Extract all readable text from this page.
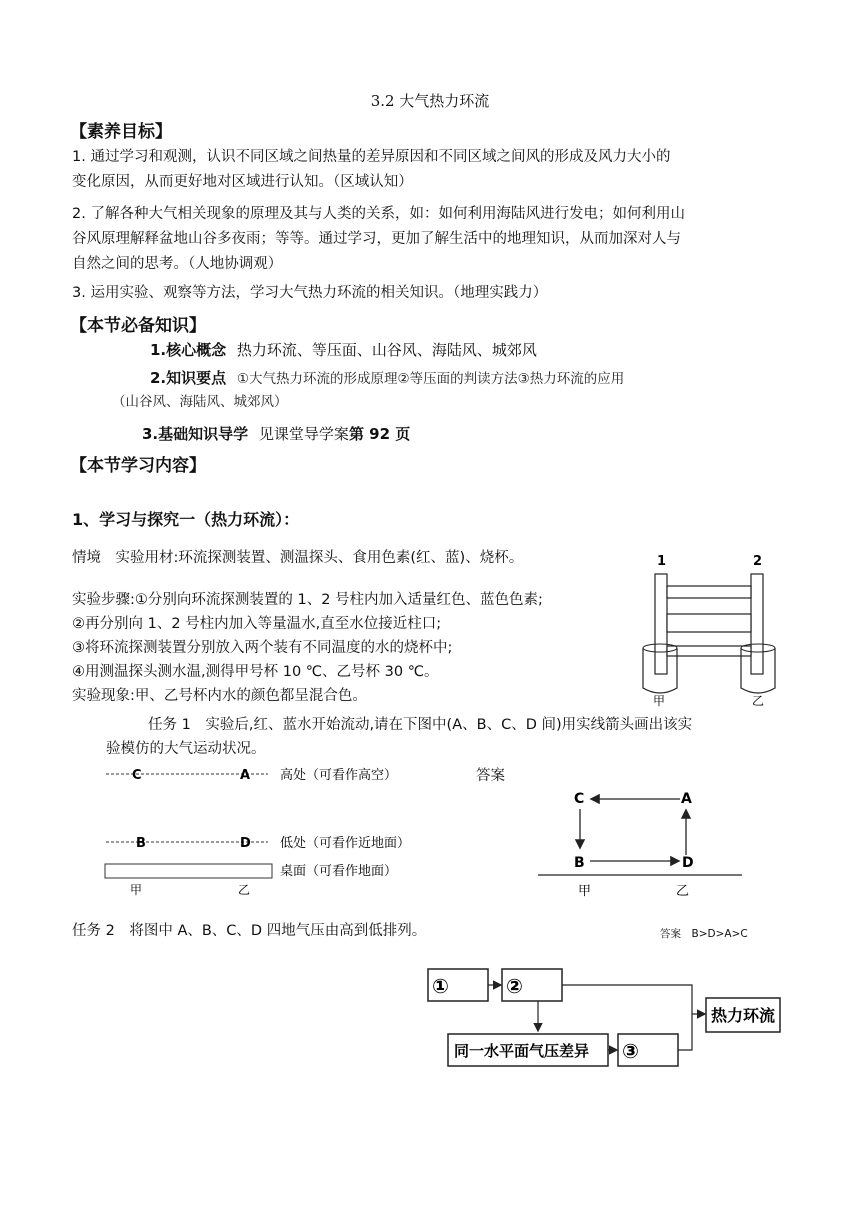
3.2 大气热力环流
【素养目标】
1. 通过学习和观测，认识不同区域之间热量的差异原因和不同区域之间风的形成及风力大小的
变化原因，从而更好地对区域进行认知。（区域认知）
2. 了解各种大气相关现象的原理及其与人类的关系，如：如何利用海陆风进行发电；如何利用山
谷风原理解释盆地山谷多夜雨；等等。通过学习，更加了解生活中的地理知识，从而加深对人与
自然之间的思考。（人地协调观）
3. 运用实验、观察等方法，学习大气热力环流的相关知识。（地理实践力）
【本节必备知识】
1.核心概念 热力环流、等压面、山谷风、海陆风、城郊风
2.知识要点 ①大气热力环流的形成原理②等压面的判读方法③热力环流的应用
（山谷风、海陆风、城郊风）
3.基础知识导学 见课堂导学案第 92 页
【本节学习内容】
1、学习与探究一（热力环流）：
情境　实验用材:环流探测装置、测温探头、食用色素(红、蓝)、烧杯。
实验步骤:①分别向环流探测装置的 1、2 号柱内加入适量红色、蓝色色素;
②再分别向 1、2 号柱内加入等量温水,直至水位接近柱口;
③将环流探测装置分别放入两个装有不同温度的水的烧杯中;
④用测温探头测水温,测得甲号杯 10 ℃、乙号杯 30 ℃。
实验现象:甲、乙号杯内水的颜色都呈混合色。
任务 1　实验后,红、蓝水开始流动,请在下图中(A、B、C、D 间)用实线箭头画出该实
验模仿的大气运动状况。
1	2
甲	乙
C	A 高处（可看作高空）
B	D 低处（可看作近地面）
桌面（可看作地面）
甲	乙
答案
C	A
B	D
甲	乙
任务 2　将图中 A、B、C、D 四地气压由高到低排列。	答案　B>D>A>C
①	②
同一水平面气压差异 ③
热力环流
